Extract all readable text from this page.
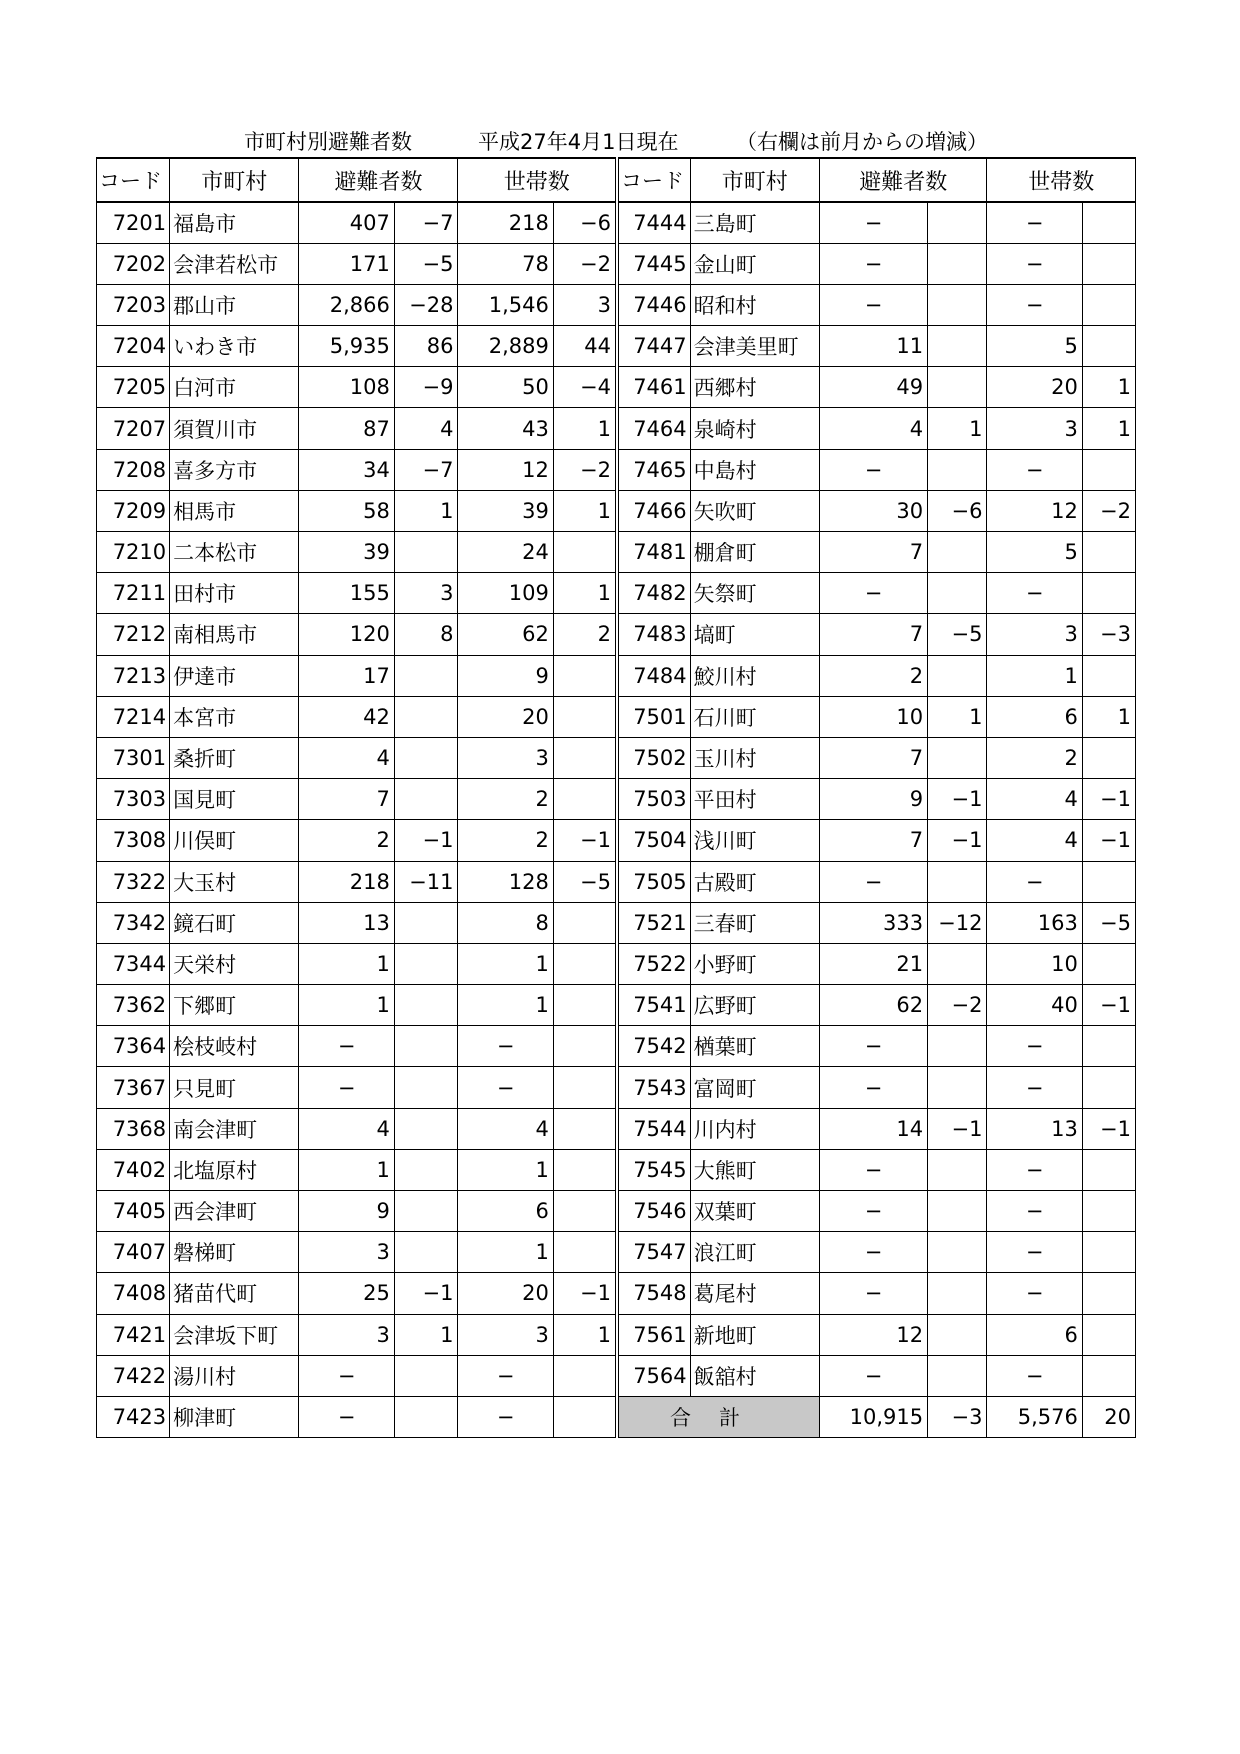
市町村別避難者数	平成27年4月1日現在	（右欄は前月からの増減）
コード	市町村	避難者数		世帯数		コード	市町村	避難者数		世帯数	
7201	福島市	407	−7	218	−6	7444	三島町	−		−	
7202	会津若松市	171	−5	78	−2	7445	金山町	−		−	
7203	郡山市	2,866	−28	1,546	3	7446	昭和村	−		−	
7204	いわき市	5,935	86	2,889	44	7447	会津美里町	11		5	
7205	白河市	108	−9	50	−4	7461	西郷村	49		20	1
7207	須賀川市	87	4	43	1	7464	泉崎村	4	1	3	1
7208	喜多方市	34	−7	12	−2	7465	中島村	−		−	
7209	相馬市	58	1	39	1	7466	矢吹町	30	−6	12	−2
7210	二本松市	39		24		7481	棚倉町	7		5	
7211	田村市	155	3	109	1	7482	矢祭町	−		−	
7212	南相馬市	120	8	62	2	7483	塙町	7	−5	3	−3
7213	伊達市	17		9		7484	鮫川村	2		1	
7214	本宮市	42		20		7501	石川町	10	1	6	1
7301	桑折町	4		3		7502	玉川村	7		2	
7303	国見町	7		2		7503	平田村	9	−1	4	−1
7308	川俣町	2	−1	2	−1	7504	浅川町	7	−1	4	−1
7322	大玉村	218	−11	128	−5	7505	古殿町	−		−	
7342	鏡石町	13		8		7521	三春町	333	−12	163	−5
7344	天栄村	1		1		7522	小野町	21		10	
7362	下郷町	1		1		7541	広野町	62	−2	40	−1
7364	桧枝岐村	−		−		7542	楢葉町	−		−	
7367	只見町	−		−		7543	富岡町	−		−	
7368	南会津町	4		4		7544	川内村	14	−1	13	−1
7402	北塩原村	1		1		7545	大熊町	−		−	
7405	西会津町	9		6		7546	双葉町	−		−	
7407	磐梯町	3		1		7547	浪江町	−		−	
7408	猪苗代町	25	−1	20	−1	7548	葛尾村	−		−	
7421	会津坂下町	3	1	3	1	7561	新地町	12		6	
7422	湯川村	−		−		7564	飯舘村	−		−	
7423	柳津町	−		−		合計		10,915	−3	5,576	20
